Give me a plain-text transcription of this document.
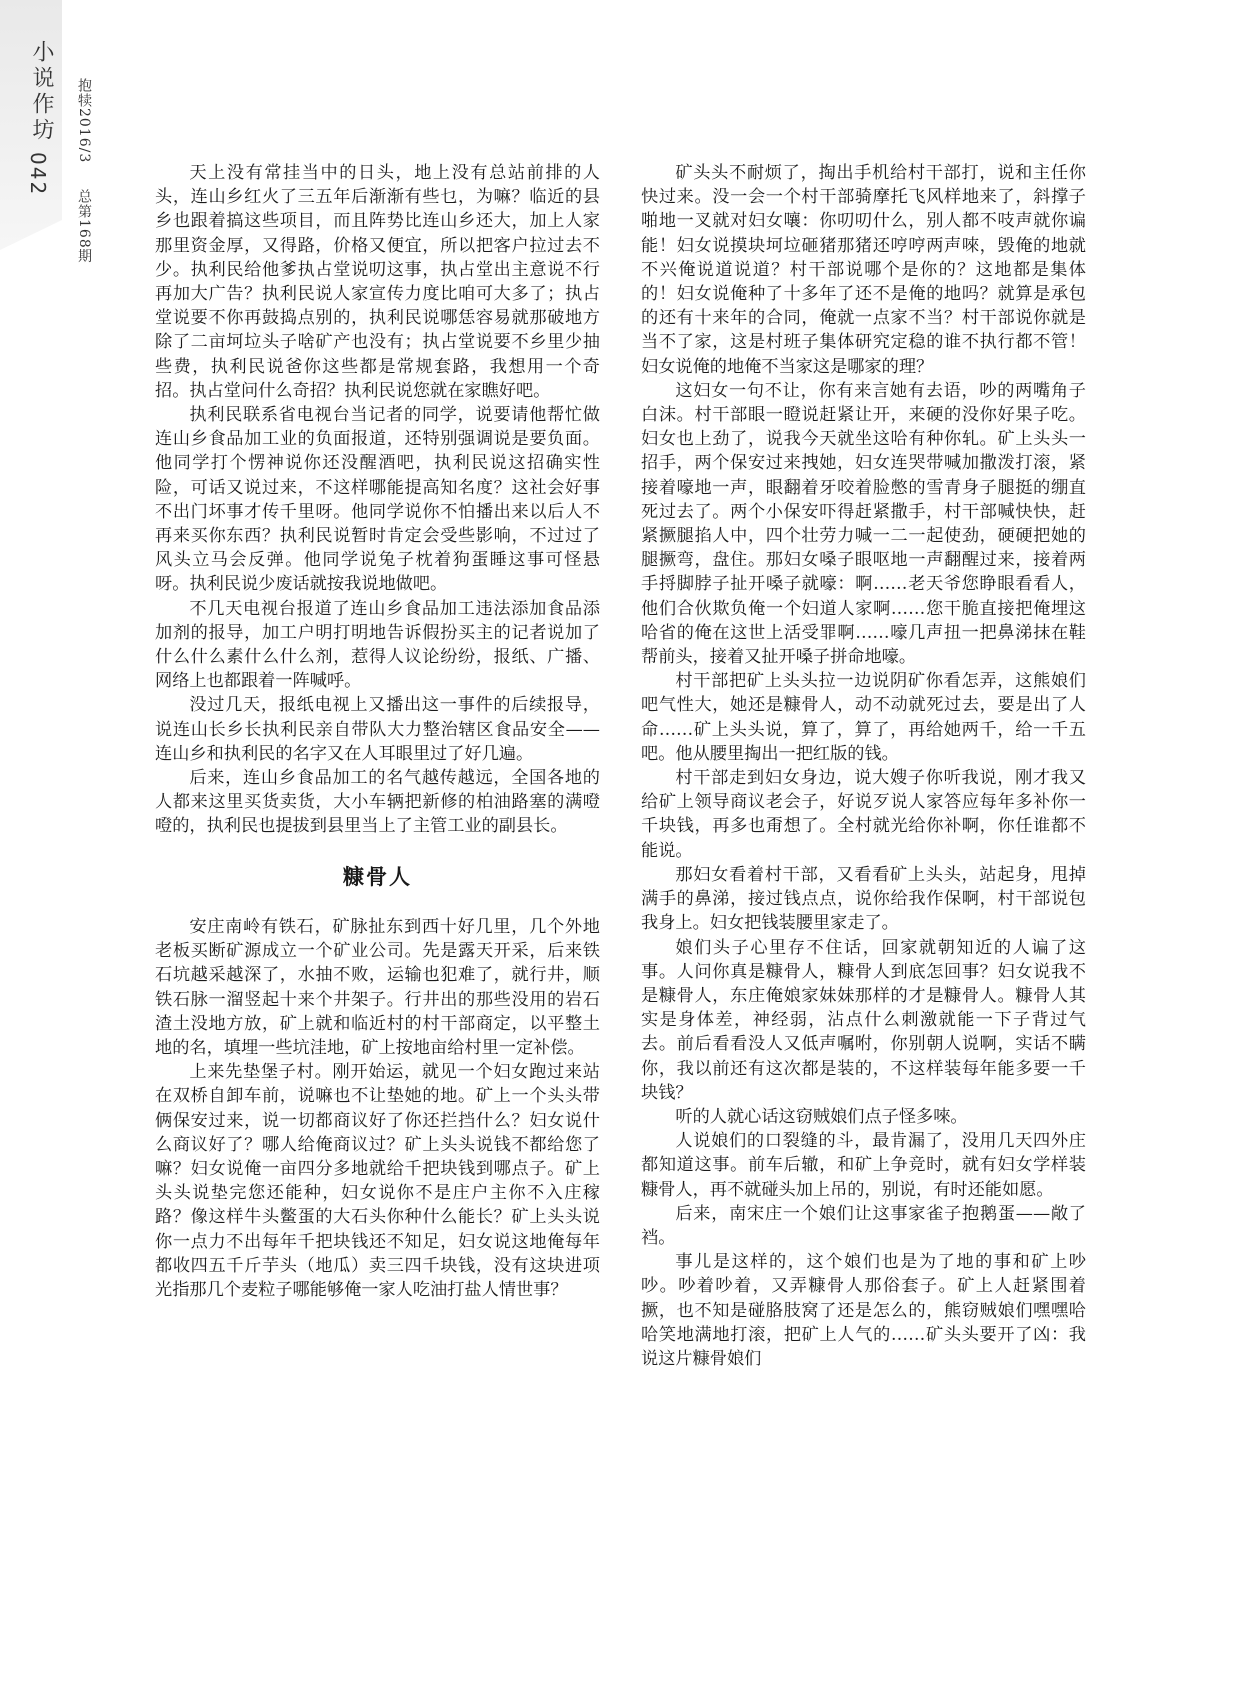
小说作坊
042
抱犊2016/3总第168期

天上没有常挂当中的日头，地上没有总站前排的人头，连山乡红火了三五年后渐渐有些乜，为嘛？临近的县乡也跟着搞这些项目，而且阵势比连山乡还大，加上人家那里资金厚，又得路，价格又便宜，所以把客户拉过去不少。执利民给他爹执占堂说叨这事，执占堂出主意说不行再加大广告？执利民说人家宣传力度比咱可大多了；执占堂说要不你再鼓捣点别的，执利民说哪恁容易就那破地方除了二亩坷垃头子啥矿产也没有；执占堂说要不乡里少抽些费，执利民说爸你这些都是常规套路，我想用一个奇招。执占堂问什么奇招？执利民说您就在家瞧好吧。

执利民联系省电视台当记者的同学，说要请他帮忙做连山乡食品加工业的负面报道，还特别强调说是要负面。他同学打个愣神说你还没醒酒吧，执利民说这招确实性险，可话又说过来，不这样哪能提高知名度？这社会好事不出门坏事才传千里呀。他同学说你不怕播出来以后人不再来买你东西？执利民说暂时肯定会受些影响，不过过了风头立马会反弹。他同学说兔子枕着狗蛋睡这事可怪悬呀。执利民说少废话就按我说地做吧。

不几天电视台报道了连山乡食品加工违法添加食品添加剂的报导，加工户明打明地告诉假扮买主的记者说加了什么什么素什么什么剂，惹得人议论纷纷，报纸、广播、网络上也都跟着一阵喊呼。

没过几天，报纸电视上又播出这一事件的后续报导，说连山长乡长执利民亲自带队大力整治辖区食品安全——连山乡和执利民的名字又在人耳眼里过了好几遍。

后来，连山乡食品加工的名气越传越远，全国各地的人都来这里买货卖货，大小车辆把新修的柏油路塞的满噔噔的，执利民也提拔到县里当上了主管工业的副县长。

糠骨人

安庄南岭有铁石，矿脉扯东到西十好几里，几个外地老板买断矿源成立一个矿业公司。先是露天开采，后来铁石坑越采越深了，水抽不败，运输也犯难了，就行井，顺铁石脉一溜竖起十来个井架子。行井出的那些没用的岩石渣土没地方放，矿上就和临近村的村干部商定，以平整土地的名，填埋一些坑洼地，矿上按地亩给村里一定补偿。

上来先垫堡子村。刚开始运，就见一个妇女跑过来站在双桥自卸车前，说嘛也不让垫她的地。矿上一个头头带俩保安过来，说一切都商议好了你还拦挡什么？妇女说什么商议好了？哪人给俺商议过？矿上头头说钱不都给您了嘛？妇女说俺一亩四分多地就给千把块钱到哪点子。矿上头头说垫完您还能种，妇女说你不是庄户主你不入庄稼路？像这样牛头鳖蛋的大石头你种什么能长？矿上头头说你一点力不出每年千把块钱还不知足，妇女说这地俺每年都收四五千斤芋头（地瓜）卖三四千块钱，没有这块进项光指那几个麦粒子哪能够俺一家人吃油打盐人情世事？

矿头头不耐烦了，掏出手机给村干部打，说和主任你快过来。没一会一个村干部骑摩托飞风样地来了，斜撑子啪地一叉就对妇女嚷：你叨叨什么，别人都不吱声就你谝能！妇女说摸块坷垃砸猪那猪还哼哼两声唻，毁俺的地就不兴俺说道说道？村干部说哪个是你的？这地都是集体的！妇女说俺种了十多年了还不是俺的地吗？就算是承包的还有十来年的合同，俺就一点家不当？村干部说你就是当不了家，这是村班子集体研究定稳的谁不执行都不管！妇女说俺的地俺不当家这是哪家的理？

这妇女一句不让，你有来言她有去语，吵的两嘴角子白沫。村干部眼一瞪说赶紧让开，来硬的没你好果子吃。妇女也上劲了，说我今天就坐这哈有种你轧。矿上头头一招手，两个保安过来拽她，妇女连哭带喊加撒泼打滚，紧接着嚎地一声，眼翻着牙咬着脸憋的雪青身子腿挺的绷直死过去了。两个小保安吓得赶紧撒手，村干部喊快快，赶紧撅腿掐人中，四个壮劳力喊一二一起使劲，硬硬把她的腿撅弯，盘住。那妇女嗓子眼呕地一声翻醒过来，接着两手捋脚脖子扯开嗓子就嚎：啊……老天爷您睁眼看看人，他们合伙欺负俺一个妇道人家啊……您干脆直接把俺埋这哈省的俺在这世上活受罪啊……嚎几声扭一把鼻涕抹在鞋帮前头，接着又扯开嗓子拼命地嚎。

村干部把矿上头头拉一边说阴矿你看怎弄，这熊娘们吧气性大，她还是糠骨人，动不动就死过去，要是出了人命……矿上头头说，算了，算了，再给她两千，给一千五吧。他从腰里掏出一把红版的钱。

村干部走到妇女身边，说大嫂子你听我说，刚才我又给矿上领导商议老会子，好说歹说人家答应每年多补你一千块钱，再多也甭想了。全村就光给你补啊，你任谁都不能说。

那妇女看着村干部，又看看矿上头头，站起身，甩掉满手的鼻涕，接过钱点点，说你给我作保啊，村干部说包我身上。妇女把钱装腰里家走了。

娘们头子心里存不住话，回家就朝知近的人谝了这事。人问你真是糠骨人，糠骨人到底怎回事？妇女说我不是糠骨人，东庄俺娘家妹妹那样的才是糠骨人。糠骨人其实是身体差，神经弱，沾点什么刺激就能一下子背过气去。前后看看没人又低声嘱咐，你别朝人说啊，实话不瞒你，我以前还有这次都是装的，不这样装每年能多要一千块钱？

听的人就心话这窃贼娘们点子怪多唻。

人说娘们的口裂缝的斗，最肯漏了，没用几天四外庄都知道这事。前车后辙，和矿上争竞时，就有妇女学样装糠骨人，再不就碰头加上吊的，别说，有时还能如愿。

后来，南宋庄一个娘们让这事家雀子抱鹅蛋——敞了裆。

事儿是这样的，这个娘们也是为了地的事和矿上吵吵。吵着吵着，又弄糠骨人那俗套子。矿上人赶紧围着撅，也不知是碰胳肢窝了还是怎么的，熊窃贼娘们嘿嘿哈哈笑地满地打滚，把矿上人气的……矿头头要开了凶：我说这片糠骨娘们
